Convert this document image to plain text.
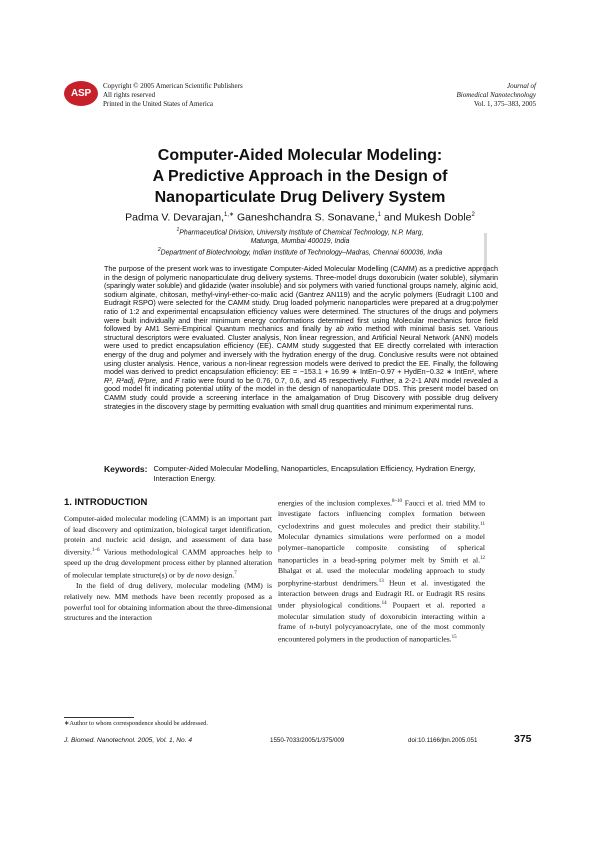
ASP
Copyright © 2005 American Scientific Publishers
All rights reserved
Printed in the United States of America
Journal of
Biomedical Nanotechnology
Vol. 1, 375–383, 2005
Computer-Aided Molecular Modeling:
A Predictive Approach in the Design of
Nanoparticulate Drug Delivery System
Padma V. Devarajan,$^{1,∗}$ Ganeshchandra S. Sonavane,$^1$ and Mukesh Doble$^2$
$^1$Pharmaceutical Division, University Institute of Chemical Technology, N.P. Marg,
Matunga, Mumbai 400019, India
$^2$Department of Biotechnology, Indian Institute of Technology–Madras, Chennai 600036, India
The purpose of the present work was to investigate Computer-Aided Molecular Modelling (CAMM) as a predictive approach in the design of polymeric nanoparticulate drug delivery systems. Three-model drugs doxorubicin (water soluble), silymarin (sparingly water soluble) and glidazide (water insoluble) and six polymers with varied functional groups namely, alginic acid, sodium alginate, chitosan, methyl-vinyl-ether-co-malic acid (Gantrez AN119) and the acrylic polymers (Eudragit L100 and Eudragit RSPO) were selected for the CAMM study. Drug loaded polymeric nanoparticles were prepared at a drug:polymer ratio of 1:2 and experimental encapsulation efficiency values were determined. The structures of the drugs and polymers were built individually and their minimum energy conformations determined first using Molecular mechanics force field followed by AM1 Semi-Empirical Quantum mechanics and finally by ab initio method with minimal basis set. Various structural descriptors were evaluated. Cluster analysis, Non linear regression, and Artificial Neural Network (ANN) models were used to predict encapsulation efficiency (EE). CAMM study suggested that EE directly correlated with interaction energy of the drug and polymer and inversely with the hydration energy of the drug. Conclusive results were not obtained using cluster analysis. Hence, various a non-linear regression models were derived to predict the EE. Finally, the following model was derived to predict encapsulation efficiency: EE = −153.1 + 16.99 ∗ IntEn−0.97 + HydEn−0.32 ∗ IntEn², where R², R²adj, R²pre, and F ratio were found to be 0.76, 0.7, 0.6, and 45 respectively. Further, a 2-2-1 ANN model revealed a good model fit indicating potential utility of the model in the design of nanoparticulate DDS. This present model based on CAMM study could provide a screening interface in the amalgamation of Drug Discovery with possible drug delivery strategies in the discovery stage by permitting evaluation with small drug quantities and minimum experimental runs.
Keywords: Computer-Aided Molecular Modelling, Nanoparticles, Encapsulation Efficiency, Hydration Energy, Interaction Energy.
1. INTRODUCTION

Computer-aided molecular modeling (CAMM) is an important part of lead discovery and optimization, biological target identification, protein and nucleic acid design, and assessment of data base diversity.$^{1-6}$ Various methodological CAMM approaches help to speed up the drug development process either by planned alteration of molecular template structure(s) or by de novo design.$^7$

In the field of drug delivery, molecular modeling (MM) is relatively new. MM methods have been recently proposed as a powerful tool for obtaining information about the three-dimensional structures and the interaction

energies of the inclusion complexes.$^{8-10}$ Faucci et al. tried MM to investigate factors influencing complex formation between cyclodextrins and guest molecules and predict their stability.$^{11}$ Molecular dynamics simulations were performed on a model polymer–nanoparticle composite consisting of spherical nanoparticles in a bead-spring polymer melt by Smith et al.$^{12}$ Bhalgat et al. used the molecular modeling approach to study porphyrine-starbust dendrimers.$^{13}$ Heun et al. investigated the interaction between drugs and Eudragit RL or Eudragit RS resins under physiological conditions.$^{14}$ Poupaert et al. reported a molecular simulation study of doxorubicin interacting within a frame of n-butyl polycyanoacrylate, one of the most commonly encountered polymers in the production of nanoparticles.$^{15}$
∗Author to whom correspondence should be addressed.
J. Biomed. Nanotechnol. 2005, Vol. 1, No. 4	1550-7033/2005/1/375/009	doi:10.1166/jbn.2005.051	375
